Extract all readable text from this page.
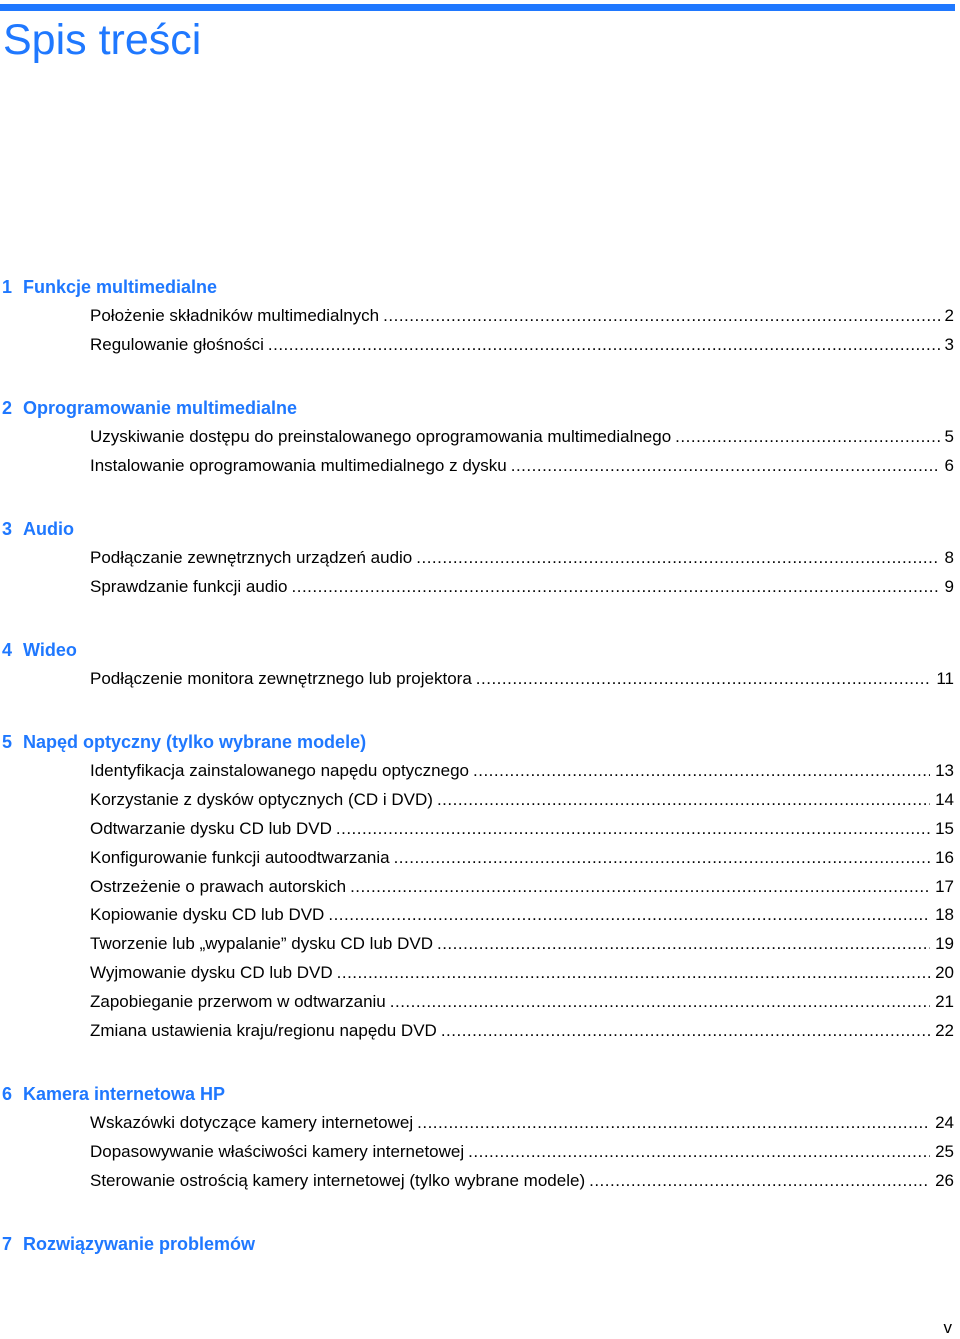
Spis treści
1 Funkcje multimedialne
Położenie składników multimedialnych .....	2
Regulowanie głośności .....	3
2 Oprogramowanie multimedialne
Uzyskiwanie dostępu do preinstalowanego oprogramowania multimedialnego .....	5
Instalowanie oprogramowania multimedialnego z dysku .....	6
3 Audio
Podłączanie zewnętrznych urządzeń audio .....	8
Sprawdzanie funkcji audio .....	9
4 Wideo
Podłączenie monitora zewnętrznego lub projektora .....	11
5 Napęd optyczny (tylko wybrane modele)
Identyfikacja zainstalowanego napędu optycznego .....	13
Korzystanie z dysków optycznych (CD i DVD) .....	14
Odtwarzanie dysku CD lub DVD .....	15
Konfigurowanie funkcji autoodtwarzania .....	16
Ostrzeżenie o prawach autorskich .....	17
Kopiowanie dysku CD lub DVD .....	18
Tworzenie lub „wypalanie” dysku CD lub DVD .....	19
Wyjmowanie dysku CD lub DVD .....	20
Zapobieganie przerwom w odtwarzaniu .....	21
Zmiana ustawienia kraju/regionu napędu DVD .....	22
6 Kamera internetowa HP
Wskazówki dotyczące kamery internetowej .....	24
Dopasowywanie właściwości kamery internetowej .....	25
Sterowanie ostrością kamery internetowej (tylko wybrane modele) .....	26
7 Rozwiązywanie problemów
v
